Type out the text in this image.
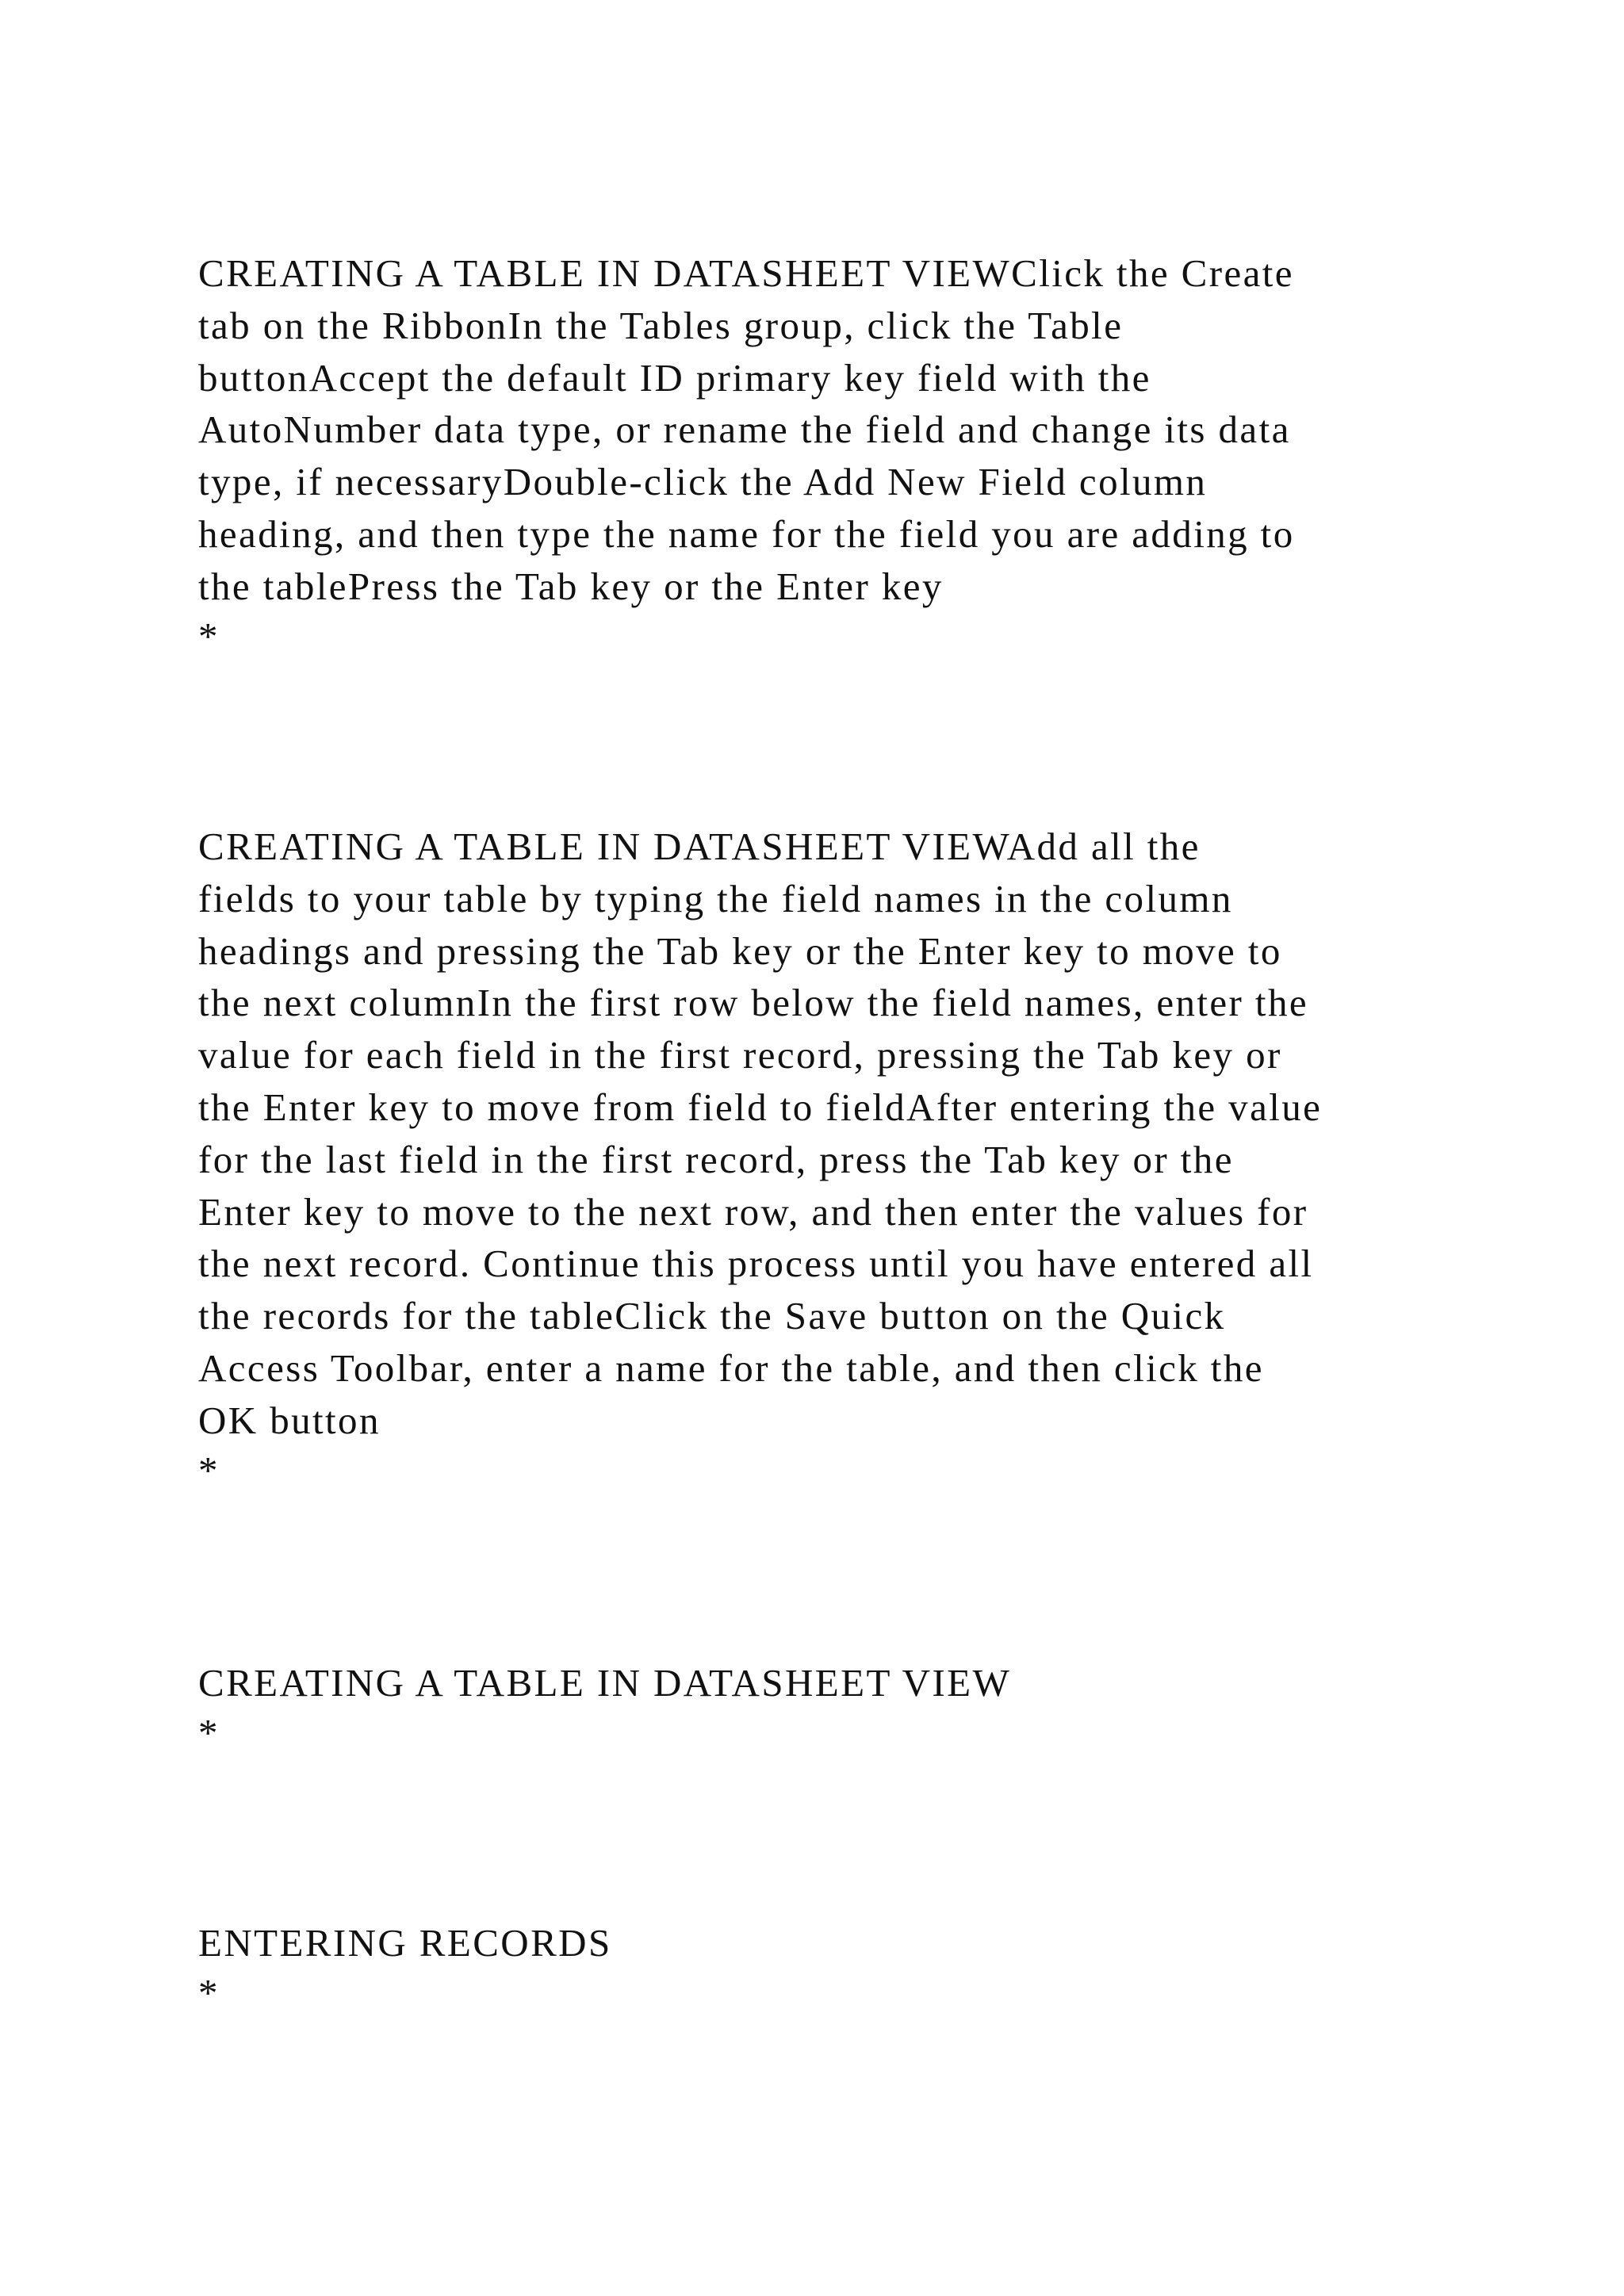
CREATING A TABLE IN DATASHEET VIEWClick the Create
tab on the RibbonIn the Tables group, click the Table
buttonAccept the default ID primary key field with the
AutoNumber data type, or rename the field and change its data
type, if necessaryDouble-click the Add New Field column
heading, and then type the name for the field you are adding to
the tablePress the Tab key or the Enter key

*

CREATING A TABLE IN DATASHEET VIEWAdd all the
fields to your table by typing the field names in the column
headings and pressing the Tab key or the Enter key to move to
the next columnIn the first row below the field names, enter the
value for each field in the first record, pressing the Tab key or
the Enter key to move from field to fieldAfter entering the value
for the last field in the first record, press the Tab key or the
Enter key to move to the next row, and then enter the values for
the next record. Continue this process until you have entered all
the records for the tableClick the Save button on the Quick
Access Toolbar, enter a name for the table, and then click the
OK button

*

CREATING A TABLE IN DATASHEET VIEW

*

ENTERING RECORDS

*
